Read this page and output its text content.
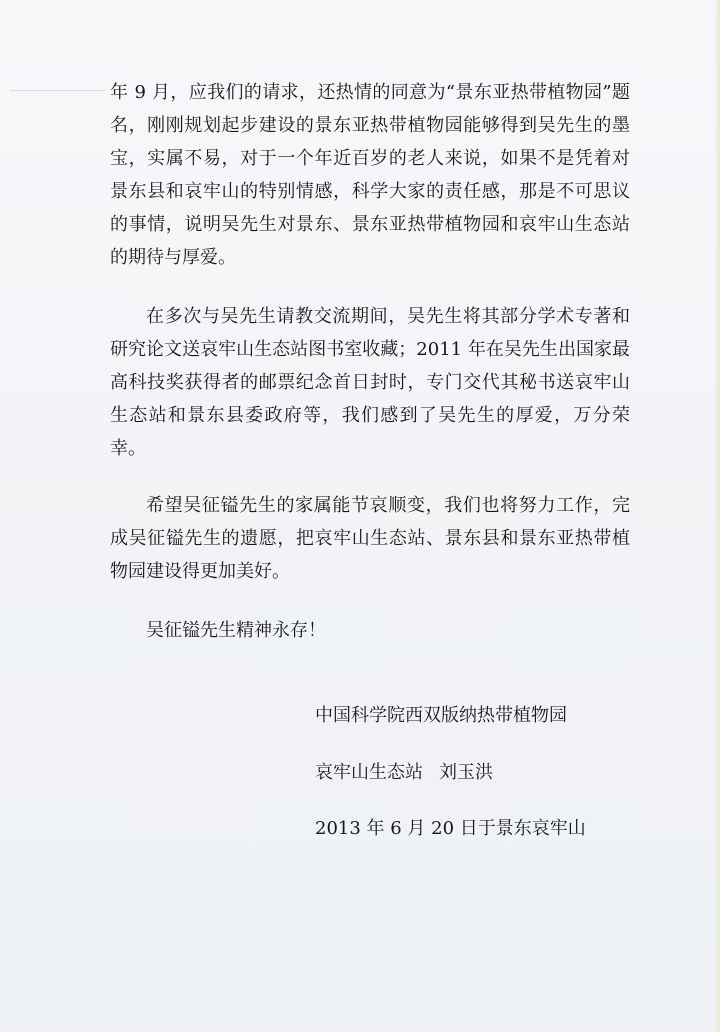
年 9 月，应我们的请求，还热情的同意为“景东亚热带植物园”题名，刚刚规划起步建设的景东亚热带植物园能够得到吴先生的墨宝，实属不易，对于一个年近百岁的老人来说，如果不是凭着对景东县和哀牢山的特别情感，科学大家的责任感，那是不可思议的事情，说明吴先生对景东、景东亚热带植物园和哀牢山生态站的期待与厚爱。

在多次与吴先生请教交流期间，吴先生将其部分学术专著和研究论文送哀牢山生态站图书室收藏；2011 年在吴先生出国家最高科技奖获得者的邮票纪念首日封时，专门交代其秘书送哀牢山生态站和景东县委政府等，我们感到了吴先生的厚爱，万分荣幸。

希望吴征镒先生的家属能节哀顺变，我们也将努力工作，完成吴征镒先生的遗愿，把哀牢山生态站、景东县和景东亚热带植物园建设得更加美好。

吴征镒先生精神永存！

中国科学院西双版纳热带植物园
哀牢山生态站 刘玉洪
2013 年 6 月 20 日于景东哀牢山
